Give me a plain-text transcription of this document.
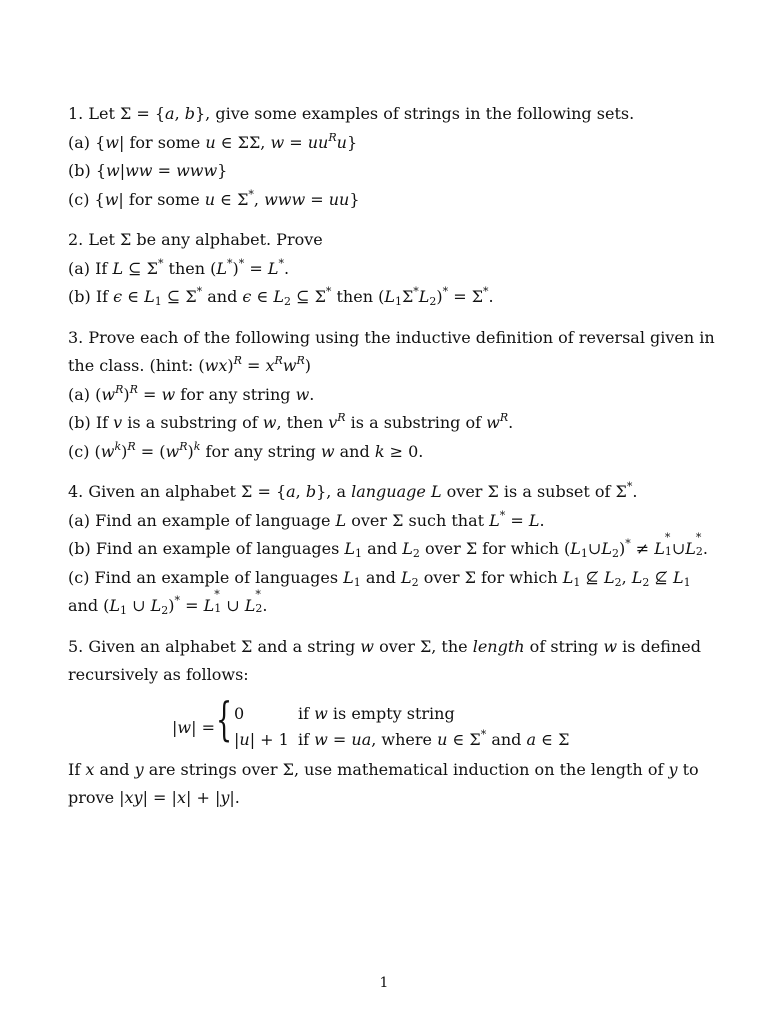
1. Let Σ = {a, b}, give some examples of strings in the following sets.
(a) {w| for some u ∈ ΣΣ, $w = uu^Ru$}
(b) {w|ww = www}
(c) {w| for some u ∈ Σ*, www = uu}
2. Let Σ be any alphabet. Prove
(a) If L ⊆ Σ* then (L*)* = L*.
(b) If ϵ ∈ $L_1$ ⊆ Σ* and ϵ ∈ $L_2$ ⊆ Σ* then $(L_1\Sigma^*L_2)^* = \Sigma^*$.
3. Prove each of the following using the inductive definition of reversal given in
the class. (hint: $(wx)^R = x^Rw^R$)
(a) $(w^R)^R = w$ for any string w.
(b) If v is a substring of w, then $v^R$ is a substring of $w^R$.
(c) $(w^k)^R = (w^R)^k$ for any string w and k ≥ 0.
4. Given an alphabet Σ = {a, b}, a language L over Σ is a subset of Σ*.
(a) Find an example of language L over Σ such that L* = L.
(b) Find an example of languages $L_1$ and $L_2$ over Σ for which $(L_1\cup L_2)^* \ne L$
*
1 ∪L
*
2 .
(c) Find an example of languages $L_1$ and $L_2$ over Σ for which $L_1$ ⊈ $L_2$, $L_2$ ⊈ $L_1$
and ($L_1$ ∪ $L_2)^* = L$
*
1 ∪ L
*
2 .
5. Given an alphabet Σ and a string w over Σ, the length of string w is defined
recursively as follows:
|w| = { 0	if w is empty string
|u| + 1 if w = ua, where u ∈ Σ* and a ∈ Σ
If x and y are strings over Σ, use mathematical induction on the length of y to
prove |xy| = |x| + |y|.
1
